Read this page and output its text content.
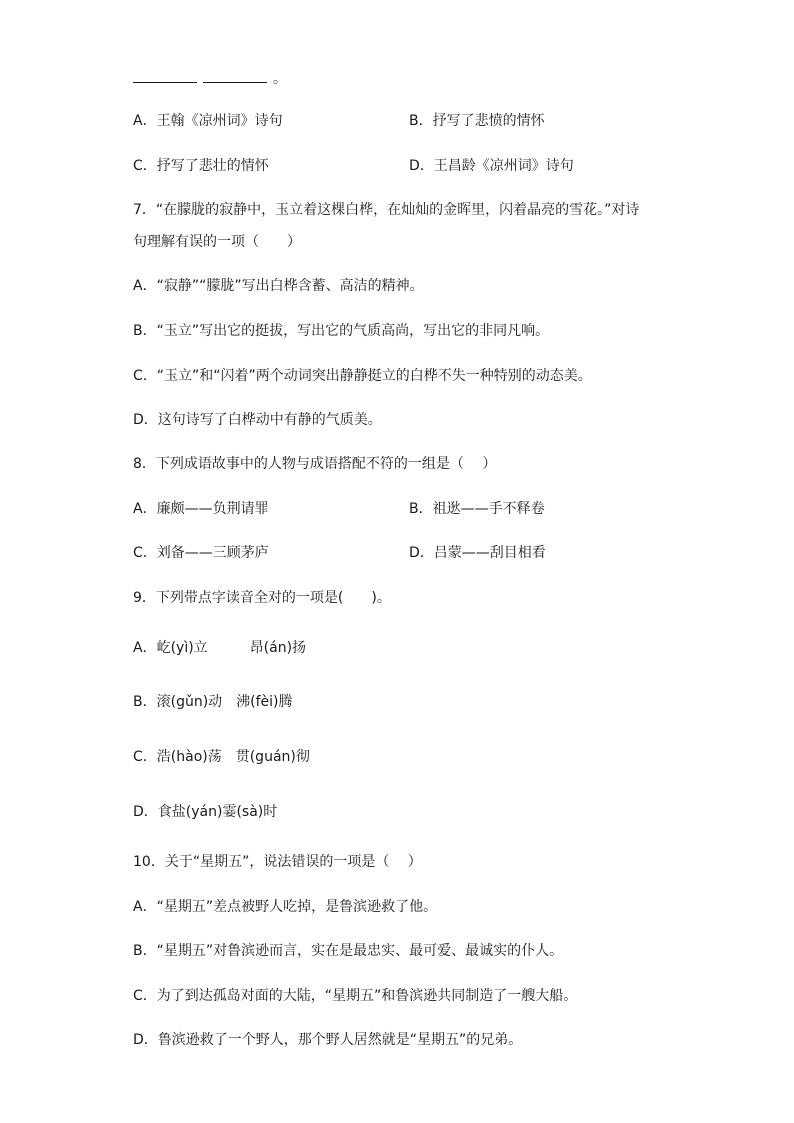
。
A．王翰《凉州词》诗句	B．抒写了悲愤的情怀
C．抒写了悲壮的情怀	D．王昌龄《凉州词》诗句
7．“在朦胧的寂静中，玉立着这棵白桦，在灿灿的金晖里，闪着晶亮的雪花。”对诗
句理解有误的一项（　　）
A．“寂静”“朦胧”写出白桦含蓄、高洁的精神。
B．“玉立”写出它的挺拔，写出它的气质高尚，写出它的非同凡响。
C．“玉立”和“闪着”两个动词突出静静挺立的白桦不失一种特别的动态美。
D．这句诗写了白桦动中有静的气质美。
8．下列成语故事中的人物与成语搭配不符的一组是（　 ）
A．廉颇——负荆请罪	B．祖逖——手不释卷
C．刘备——三顾茅庐	D．吕蒙——刮目相看
9．下列带点字读音全对的一项是(　　)。
A．屹(yì)立　　　昂(án)扬
B．滚(gǔn)动　沸(fèi)腾
C．浩(hào)荡　贯(guán)彻
D．食盐(yán)霎(sà)时
10．关于“星期五”，说法错误的一项是（　 ）
A．“星期五”差点被野人吃掉，是鲁滨逊救了他。
B．“星期五”对鲁滨逊而言，实在是最忠实、最可爱、最诚实的仆人。
C．为了到达孤岛对面的大陆，“星期五”和鲁滨逊共同制造了一艘大船。
D．鲁滨逊救了一个野人，那个野人居然就是“星期五”的兄弟。
